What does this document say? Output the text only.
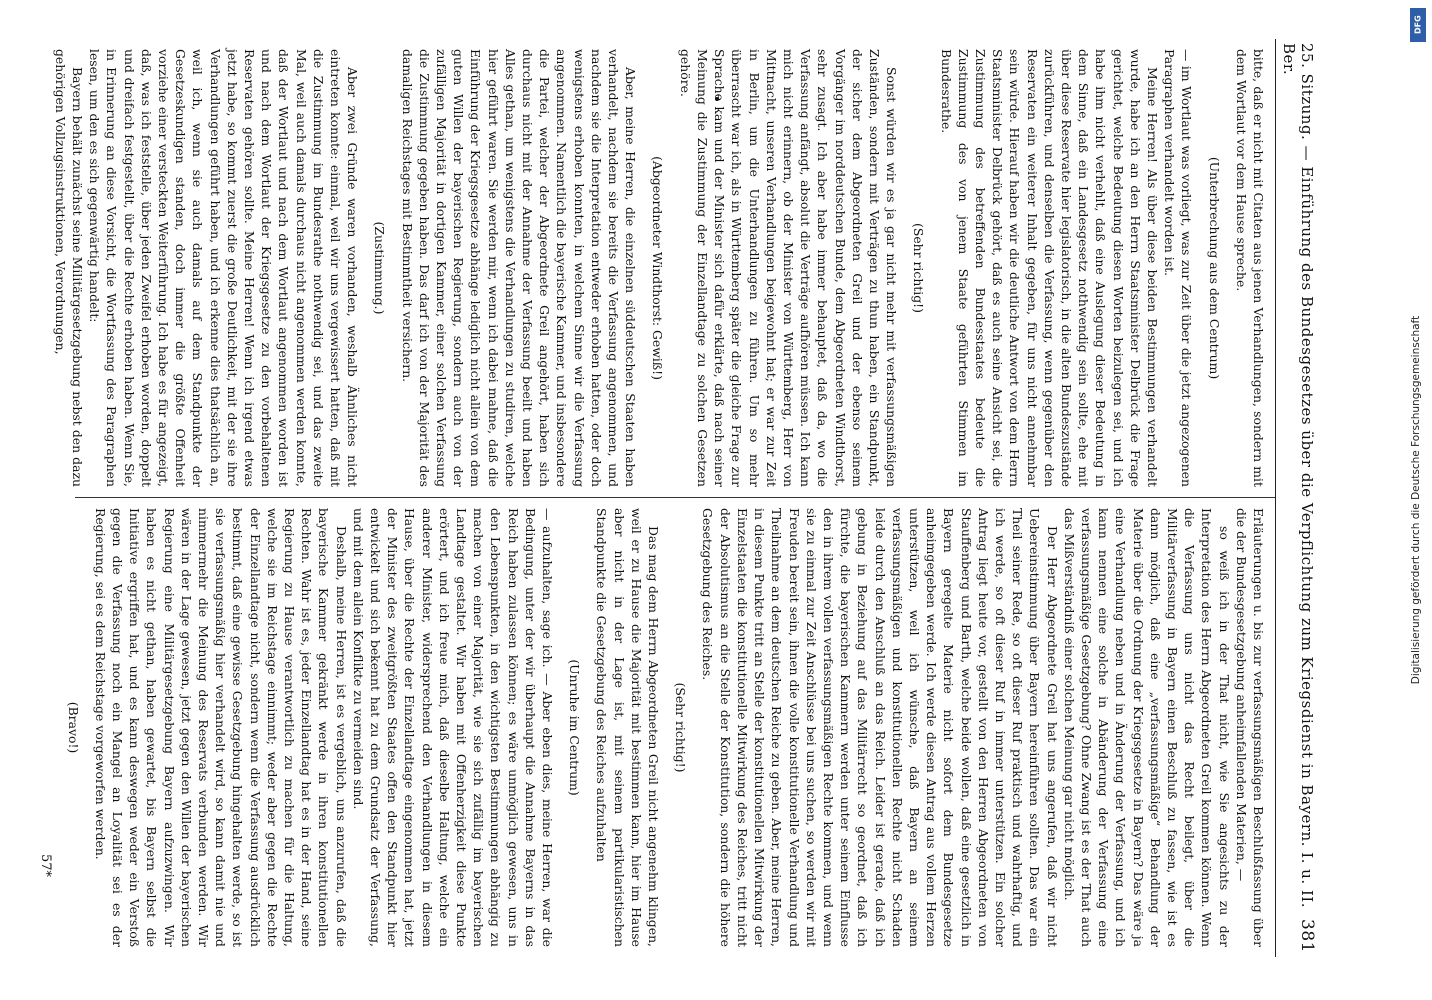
25. Sitzung. — Einführung des Bundesgesetzes über die Verpflichtung zum Kriegsdienst in Bayern. I. u. II. Ber.
381

bitte, daß er nicht mit Citaten aus jenen Verhandlungen, sondern mit dem Wortlaut vor dem Hause spreche.

(Unterbrechung aus dem Centrum)

— im Wortlaut was vorliegt, was zur Zeit über die jetzt angezogenen Paragraphen verhandelt worden ist.

Meine Herren! Als über diese beiden Bestimmungen verhandelt wurde, habe ich an den Herrn Staatsminister Delbrück die Frage gerichtet, welche Bedeutung diesen Worten beizulegen sei, und ich habe ihm nicht verhehlt, daß eine Auslegung dieser Bedeutung in dem Sinne, daß ein Landesgesetz nothwendig sein sollte, ehe mit über diese Reservate hier legislatorisch, in die alten Bundeszustände zurückführen, und denselben die Verfassung, wenn gegenüber den Reservaten ein weiterer Inhalt gegeben, für uns nicht annehmbar sein würde. Hierauf haben wir die deutliche Antwort von dem Herrn Staatsminister Delbrück gehört, daß es auch seine Ansicht sei, die Zustimmung des betreffenden Bundesstaates bedeute die Zustimmung des von jenem Staate geführten Stimmen im Bundesrathe.

(Sehr richtig!)

Sonst würden wir es ja gar nicht mehr mit verfassungsmäßigen Zuständen, sondern mit Verträgen zu thun haben, ein Standpunkt, der sicher dem Abgeordneten Greil und der ebenso seinem Vorgänger im norddeutschen Bunde, dem Abgeordneten Windthorst, sehr zusagt. Ich aber habe immer behauptet, daß da, wo die Verfassung anfängt, absolut die Verträge aufhören müssen. Ich kann mich nicht erinnern, ob der Minister von Württemberg, Herr von Mittnacht, unseren Verhandlungen beigewohnt hat; er war zur Zeit in Berlin, um die Unterhandlungen zu führen. Um so mehr überrascht war ich, als in Württemberg später die gleiche Frage zur Sprache kam und der Minister sich dafür erklärte, daß nach seiner Meinung die Zustimmung der Einzellandtage zu solchen Gesetzen gehöre.

(Abgeordneter Windthorst: Gewiß!)

Aber, meine Herren, die einzelnen süddeutschen Staaten haben verhandelt, nachdem sie bereits die Verfassung angenommen, und nachdem sie die Interpretation entweder erhoben hatten, oder doch wenigstens erhoben konnten, in welchem Sinne wir die Verfassung angenommen. Namentlich die bayerische Kammer, und insbesondere die Partei, welcher der Abgeordnete Greil angehört, haben sich durchaus nicht mit der Annahme der Verfassung beeilt und haben Alles gethan, um wenigstens die Verhandlungen zu studiren, welche hier geführt waren. Sie werden mir, wenn ich dabei mahne, daß die Einführung der Kriegsgesetze abhänge lediglich nicht allein von dem guten Willen der bayerischen Regierung, sondern auch von der zufälligen Majorität in dortigen Kammer, einer solchen Verfassung die Zustimmung gegeben haben. Das darf ich von der Majorität des damaligen Reichstages mit Bestimmtheit versichern.

(Zustimmung.)

Aber zwei Gründe waren vorhanden, weshalb Ähnliches nicht eintreten konnte: einmal, weil wir uns vergewissert hatten, daß mit die Zustimmung im Bundesrathe nothwendig sei, und das zweite Mal, weil auch damals durchaus nicht angenommen werden konnte, daß der Wortlaut und nach dem Wortlaut angenommen worden ist und nach dem Wortlaut der Kriegsgesetze zu den vorbehaltenen Reservaten gehören sollte. Meine Herren! Wenn ich irgend etwas jetzt habe, so kommt zuerst die große Deutlichkeit, mit der sie ihre Verhandlungen geführt haben, und ich erkenne dies thatsächlich an, weil ich, wenn sie auch damals auf dem Standpunkte der Gesetzeskundigen standen, doch immer die größte Offenheit vorziehe einer versteckten Weiterführung. Ich habe es für angezeigt, daß, was ich feststelle, über jeden Zweifel erhoben worden, doppelt und dreifach festgestellt, über die Rechte erhoben haben. Wenn Sie, in Erinnerung an diese Vorsicht, die Wortfassung des Paragraphen lesen, um den es sich gegenwärtig handelt:

Bayern behält zunächst seine Militärgesetzgebung nebst den dazu gehörigen Vollzugsinstruktionen, Verordnungen,

Erläuterungen u. bis zur verfassungsmäßigen Beschlußfassung über die der Bundesgesetzgebung anheimfallenden Materien, —

so weiß ich in der That nicht, wie Sie angesichts zu der Interpretation des Herrn Abgeordneten Greil kommen können. Wenn die Verfassung uns nicht das Recht beilegt, über die Militärverfassung in Bayern einen Beschluß zu fassen, wie ist es dann möglich, daß eine „verfassungsmäßige“ Behandlung der Materie über die Ordnung der Kriegsgesetze in Bayern? Das wäre ja eine Verhandlung neben und in Änderung der Verfassung, und ich kann nennen eine solche in Abänderung der Verfassung eine verfassungsmäßige Gesetzgebung? Ohne Zwang ist es der That auch das Mißverständniß einer solchen Meinung gar nicht möglich.

Der Herr Abgeordnete Greil hat uns angerufen, daß wir nicht Uebereinstimmung über Bayern hereinführen sollten. Das war ein Theil seiner Rede, so oft dieser Ruf praktisch und wahrhaftig, und ich werde, so oft dieser Ruf in immer unterstützen. Ein solcher Antrag liegt heute vor, gestellt von den Herren Abgeordneten von Stauffenberg und Barth, welche beide wollen, daß eine gesetzlich in Bayern geregelte Materie nicht sofort dem Bundesgesetze anheimgegeben werde. Ich werde diesen Antrag aus vollem Herzen unterstützen, weil ich wünsche, daß Bayern an seinem verfassungsmäßigen und konstitutionellen Rechte nicht Schaden leide durch den Anschluß an das Reich. Leider ist gerade, daß ich gebung in Beziehung auf das Militärrecht so geordnet, daß ich fürchte, die bayerischen Kammern werden unter seinem Einflusse den in ihrem vollen verfassungsmäßigen Rechte kommen, und wenn sie zu einmal zur Zeit Anschlüsse bei uns suchen, so werden wir mit Freuden bereit sein, ihnen die volle konstitutionelle Verhandlung und Theilnahme an dem deutschen Reiche zu geben. Aber, meine Herren, in diesem Punkte tritt an Stelle der konstitutionellen Mitwirkung der Einzelstaaten die konstitutionelle Mitwirkung des Reiches, tritt nicht der Absolutismus an die Stelle der Konstitution, sondern die höhere Gesetzgebung des Reiches.

(Sehr richtig!)

Das mag dem Herrn Abgeordneten Greil nicht angenehm klingen, weil er zu Hause die Majorität mit bestimmen kann, hier im Hause aber nicht in der Lage ist, mit seinem partikularistischen Standpunkte die Gesetzgebung des Reiches aufzuhalten

(Unruhe im Centrum)

— aufzuhalten, sage ich. — Aber eben dies, meine Herren, war die Bedingung, unter der wir überhaupt die Annahme Bayerns in das Reich haben zulassen können; es wäre unmöglich gewesen, uns in den Lebenspunkten, in den wichtigsten Bestimmungen abhängig zu machen von einer Majorität, wie sie sich zufällig im bayerischen Landtage gestaltet. Wir haben mit Offenherzigkeit diese Punkte erörtert, und ich freue mich, daß dieselbe Haltung, welche ein anderer Minister, widersprechend den Verhandlungen in diesem Hause, über die Rechte der Einzellandtage eingenommen hat, jetzt der Minister des zweitgrößten Staates offen den Standpunkt hier entwickelt und sich bekennt hat zu dem Grundsatz der Verfassung, und mit dem allein Konflikte zu vermeiden sind.

Deshalb, meine Herren, ist es vergeblich, uns anzurufen, daß die bayerische Kammer gekränkt werde in ihren konstitutionellen Rechten. Wahr ist es, jeder Einzellandtag hat es in der Hand, seine Regierung zu Hause verantwortlich zu machen für die Haltung, welche sie im Reichstage einnimmt; weder aber gegen die Rechte der Einzellandtage nicht, sondern wenn die Verfassung ausdrücklich bestimmt, daß eine gewisse Gesetzgebung hingehalten werde, so ist sie verfassungsmäßig hier verhandelt wird, so kann damit nie und nimmermehr die Meinung des Reservats verbunden werden. Wir wären in der Lage gewesen, jetzt gegen den Willen der bayerischen Regierung eine Militärgesetzgebung Bayern aufzuzwingen. Wir haben es nicht gethan, haben gewartet, bis Bayern selbst die Initiative ergriffen hat, und es kann deswegen weder ein Verstoß gegen die Verfassung noch ein Mangel an Loyalität sei es der Regierung, sei es dem Reichstage vorgeworfen werden.

(Bravo!)

57*

DFG
Digitalisierung gefördert durch die Deutsche Forschungsgemeinschaft
